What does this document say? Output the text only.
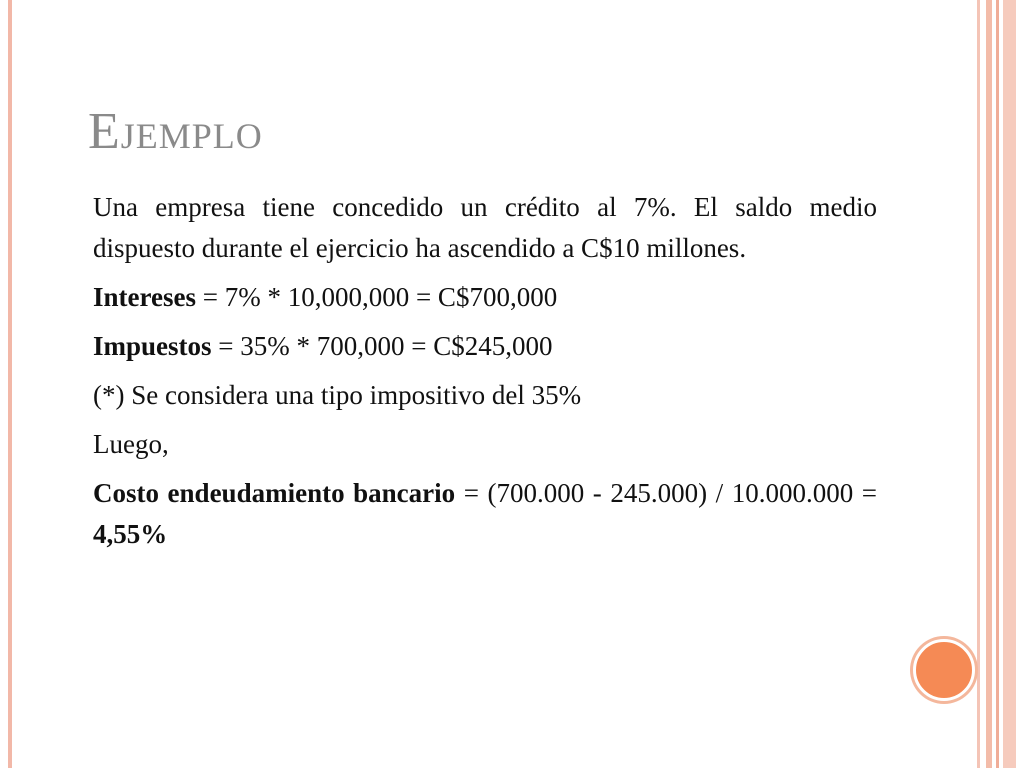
Ejemplo

Una empresa tiene concedido un crédito al 7%. El saldo medio dispuesto durante el ejercicio ha ascendido a C$10 millones.

Intereses = 7% * 10,000,000 = C$700,000

Impuestos = 35% * 700,000 = C$245,000

(*) Se considera una tipo impositivo del 35%

Luego,

Costo endeudamiento bancario = (700.000 - 245.000) / 10.000.000 = 4,55%
